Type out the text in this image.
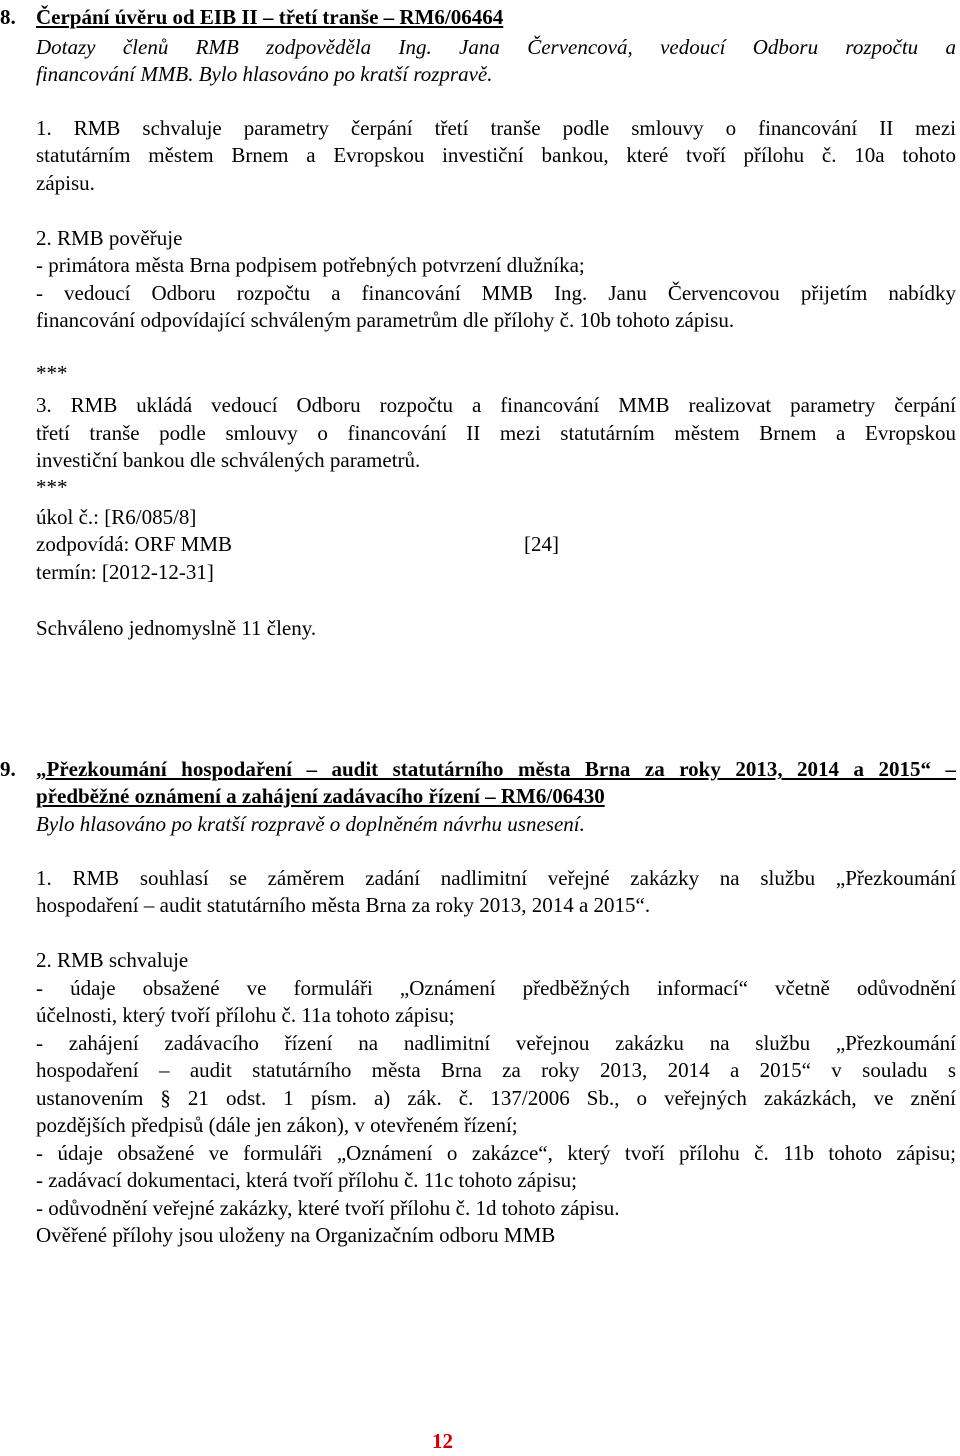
8. Čerpání úvěru od EIB II – třetí tranše – RM6/06464
Dotazy členů RMB zodpověděla Ing. Jana Červencová, vedoucí Odboru rozpočtu a
financování MMB. Bylo hlasováno po kratší rozpravě.
1. RMB schvaluje parametry čerpání třetí tranše podle smlouvy o financování II mezi
statutárním městem Brnem a Evropskou investiční bankou, které tvoří přílohu č. 10a tohoto
zápisu.
2. RMB pověřuje
- primátora města Brna podpisem potřebných potvrzení dlužníka;
- vedoucí Odboru rozpočtu a financování MMB Ing. Janu Červencovou přijetím nabídky
financování odpovídající schváleným parametrům dle přílohy č. 10b tohoto zápisu.
***
3. RMB ukládá vedoucí Odboru rozpočtu a financování MMB realizovat parametry čerpání
třetí tranše podle smlouvy o financování II mezi statutárním městem Brnem a Evropskou
investiční bankou dle schválených parametrů.
***
úkol č.: [R6/085/8]
zodpovídá: ORF MMB	[24]
termín: [2012-12-31]
Schváleno jednomyslně 11 členy.
9. „Přezkoumání hospodaření – audit statutárního města Brna za roky 2013, 2014 a 2015“ –
předběžné oznámení a zahájení zadávacího řízení – RM6/06430
Bylo hlasováno po kratší rozpravě o doplněném návrhu usnesení.
1. RMB souhlasí se záměrem zadání nadlimitní veřejné zakázky na službu „Přezkoumání
hospodaření – audit statutárního města Brna za roky 2013, 2014 a 2015“.
2. RMB schvaluje
- údaje obsažené ve formuláři „Oznámení předběžných informací“ včetně odůvodnění
účelnosti, který tvoří přílohu č. 11a tohoto zápisu;
- zahájení zadávacího řízení na nadlimitní veřejnou zakázku na službu „Přezkoumání
hospodaření – audit statutárního města Brna za roky 2013, 2014 a 2015“ v souladu s
ustanovením § 21 odst. 1 písm. a) zák. č. 137/2006 Sb., o veřejných zakázkách, ve znění
pozdějších předpisů (dále jen zákon), v otevřeném řízení;
- údaje obsažené ve formuláři „Oznámení o zakázce“, který tvoří přílohu č. 11b tohoto zápisu;
- zadávací dokumentaci, která tvoří přílohu č. 11c tohoto zápisu;
- odůvodnění veřejné zakázky, které tvoří přílohu č. 1d tohoto zápisu.
Ověřené přílohy jsou uloženy na Organizačním odboru MMB
12
